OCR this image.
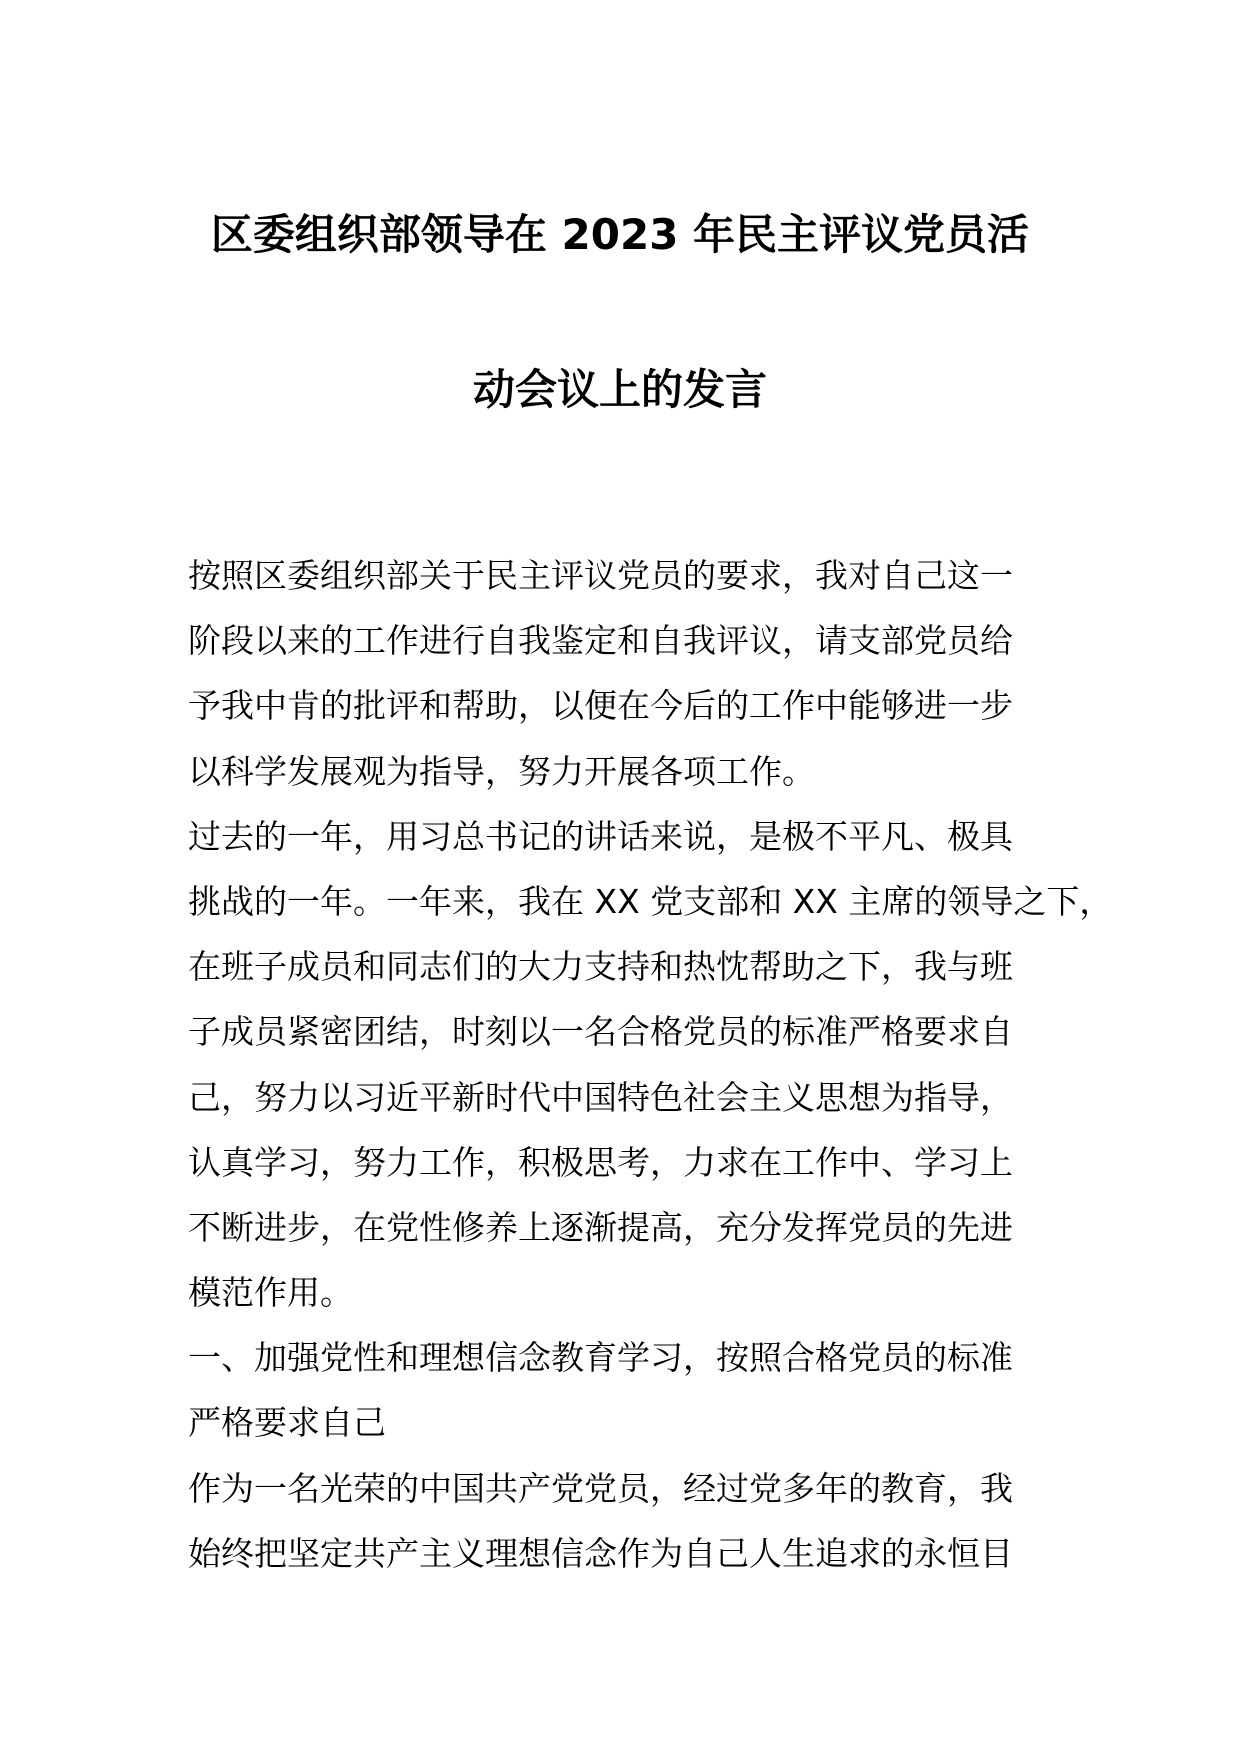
区委组织部领导在 2023 年民主评议党员活
动会议上的发言
按照区委组织部关于民主评议党员的要求，我对自己这一
阶段以来的工作进行自我鉴定和自我评议，请支部党员给
予我中肯的批评和帮助，以便在今后的工作中能够进一步
以科学发展观为指导，努力开展各项工作。
过去的一年，用习总书记的讲话来说，是极不平凡、极具
挑战的一年。一年来，我在 XX 党支部和 XX 主席的领导之下，
在班子成员和同志们的大力支持和热忱帮助之下，我与班
子成员紧密团结，时刻以一名合格党员的标准严格要求自
己，努力以习近平新时代中国特色社会主义思想为指导，
认真学习，努力工作，积极思考，力求在工作中、学习上
不断进步，在党性修养上逐渐提高，充分发挥党员的先进
模范作用。
一、加强党性和理想信念教育学习，按照合格党员的标准
严格要求自己
作为一名光荣的中国共产党党员，经过党多年的教育，我
始终把坚定共产主义理想信念作为自己人生追求的永恒目
